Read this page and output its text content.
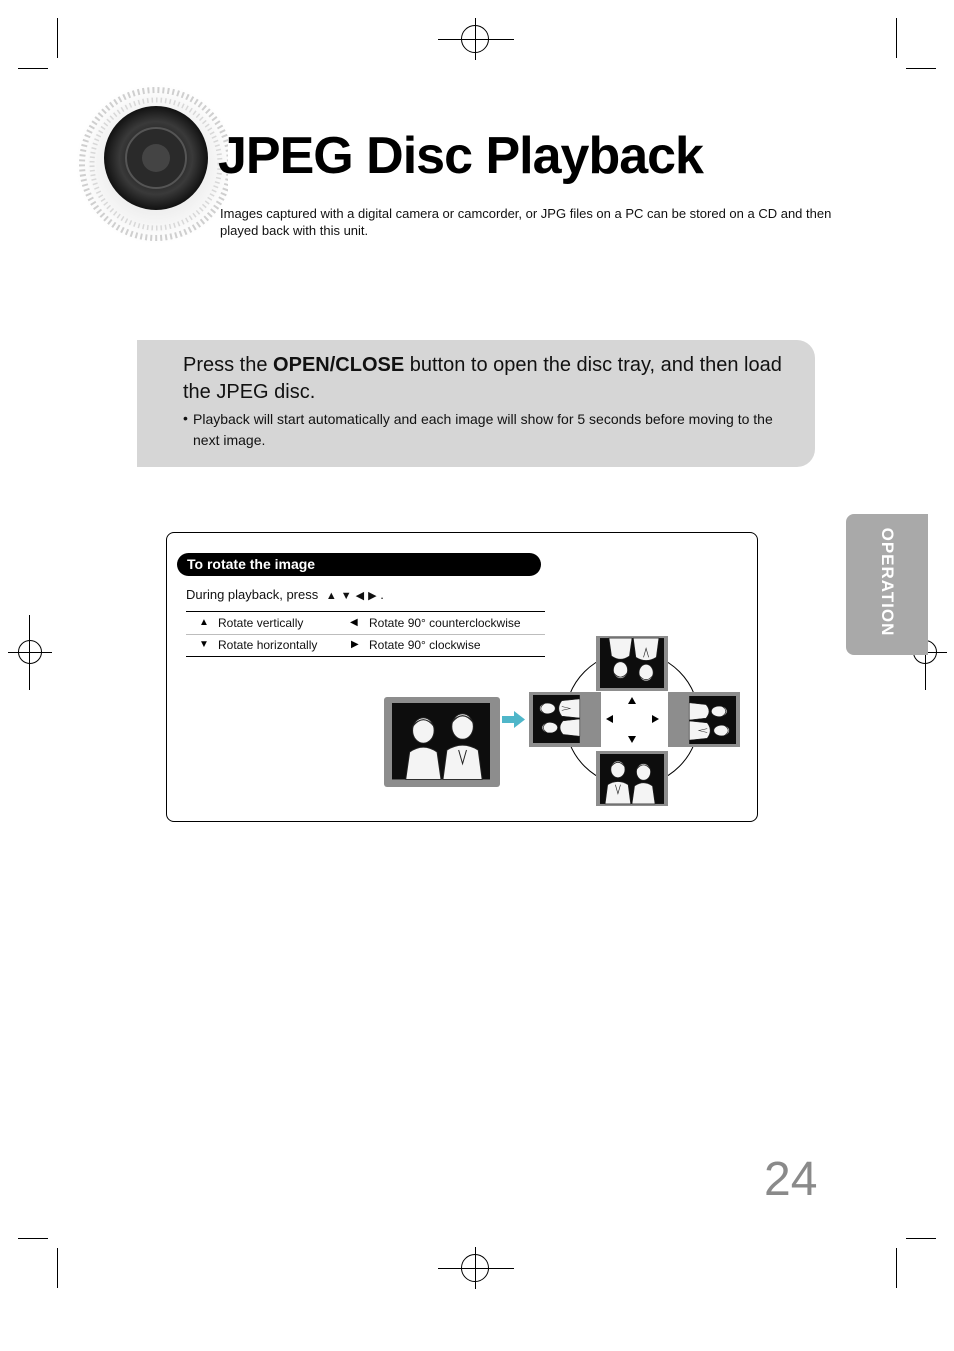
JPEG Disc Playback
Images captured with a digital camera or camcorder, or JPG files on a PC can be stored on a CD and then played back with this unit.
Press the OPEN/CLOSE button to open the disc tray, and then load the JPEG disc.
• Playback will start automatically and each image will show for 5 seconds before moving to the next image.
OPERATION
To rotate the image
During playback, press ▲ ▼ ◀ ▶ .
▲ Rotate vertically	◀ Rotate 90° counterclockwise
▼ Rotate horizontally	▶ Rotate 90° clockwise
24
